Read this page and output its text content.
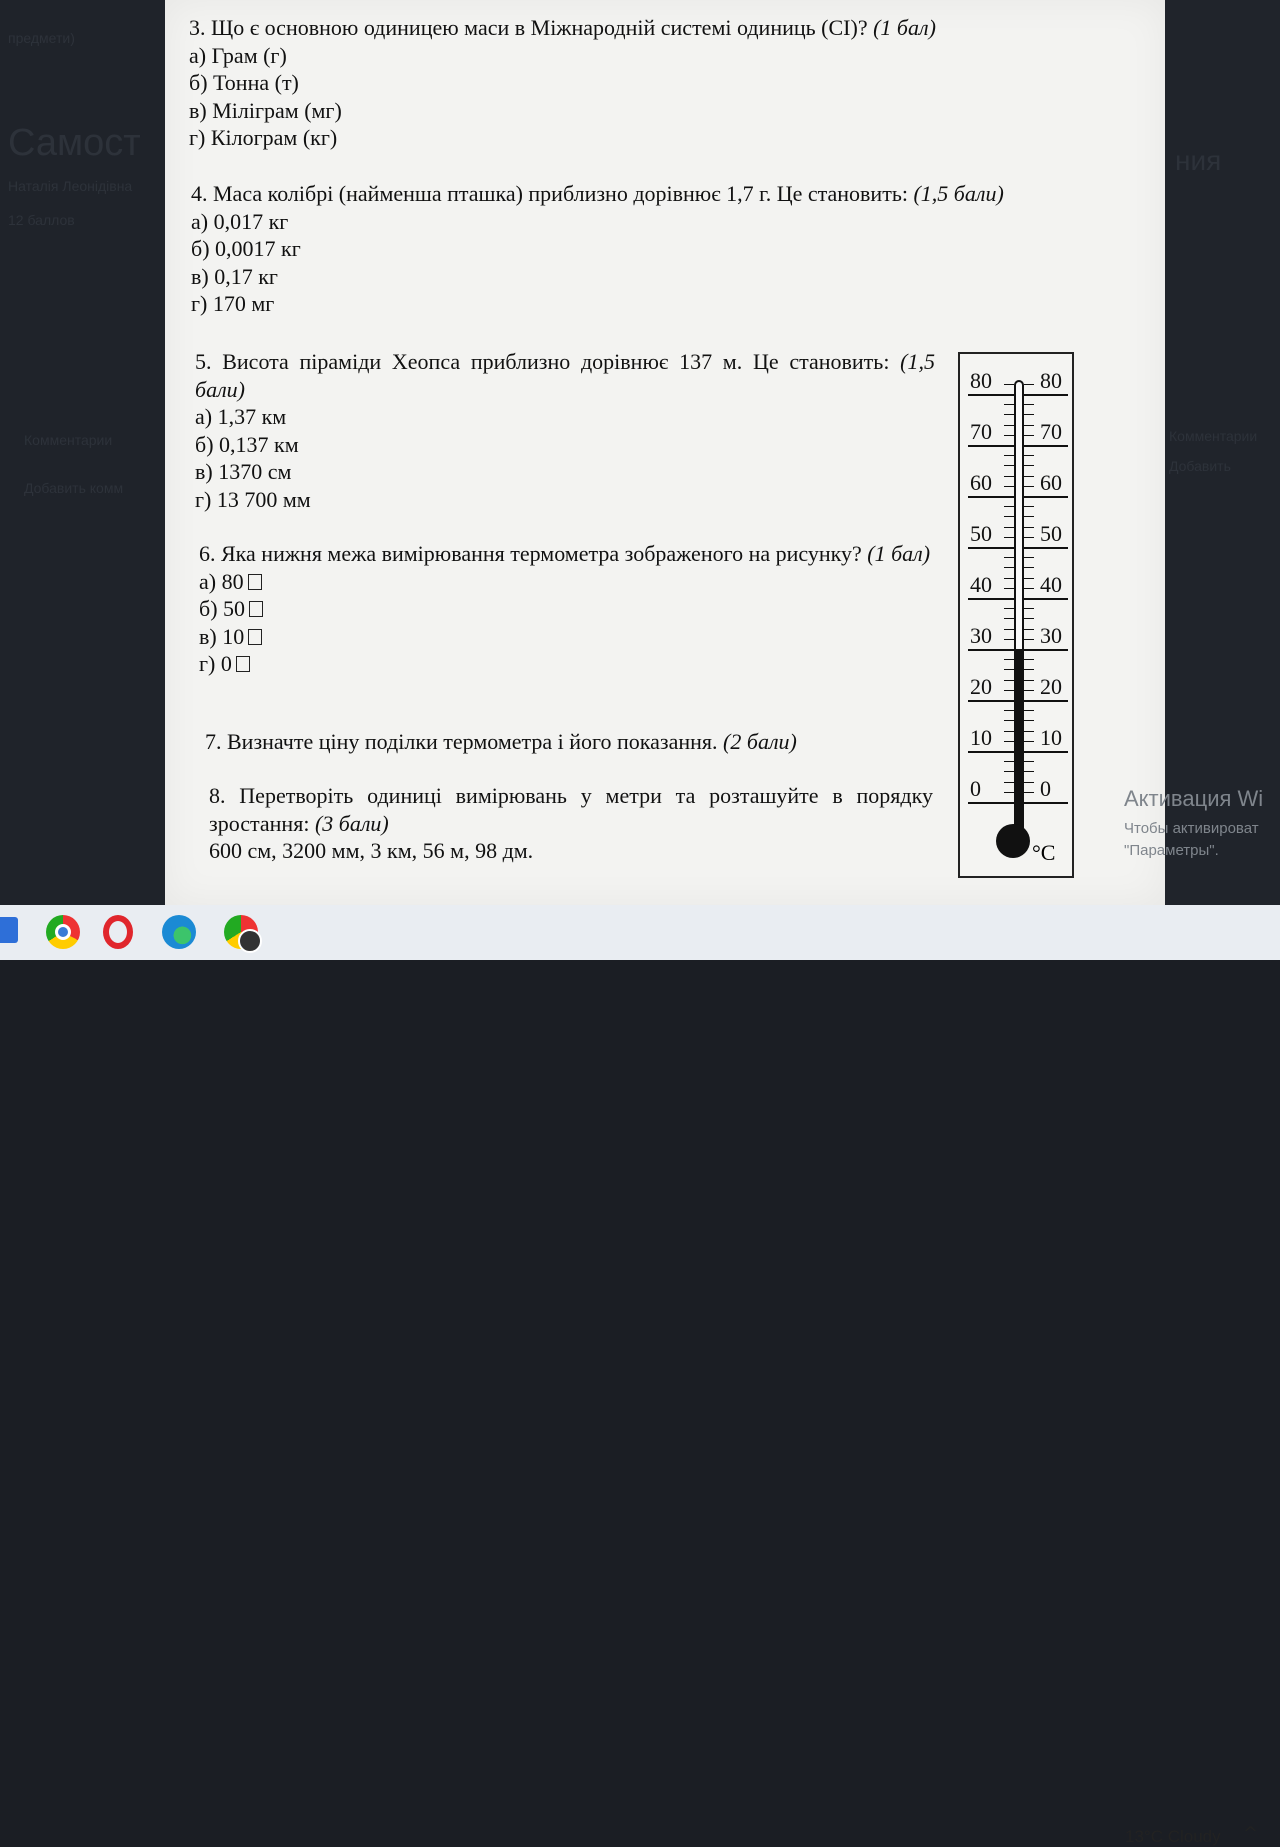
предмети)
Самост
Наталія Леонідівна
12 баллов
Комментарии
Добавить комм
ния
Комментарии
Добавить
3. Що є основною одиницею маси в Міжнародній системі одиниць (СІ)? (1 бал)
а) Грам (г)
б) Тонна (т)
в) Міліграм (мг)
г) Кілограм (кг)
4. Маса колібрі (найменша пташка) приблизно дорівнює 1,7 г. Це становить: (1,5 бали)
а) 0,017 кг
б) 0,0017 кг
в) 0,17 кг
г) 170 мг
5. Висота піраміди Хеопса приблизно дорівнює 137 м. Це становить: (1,5 бали)
а) 1,37 км
б) 0,137 км
в) 1370 см
г) 13 700 мм
6. Яка нижня межа вимірювання термометра зображеного на рисунку? (1 бал)
а) 80
б) 50
в) 10
г) 0
7. Визначте ціну поділки термометра і його показання. (2 бали)
8. Перетворіть одиниці вимірювань у метри та розташуйте в порядку зростання: (3 бали)
600 см, 3200 мм, 3 км, 56 м, 98 дм.	°C
80 80
70 70
60 60
50 50
40 40
30 30
20 20
10 10
0	0	Активация Wi
Чтобы активироват
"Параметры".
13°C Cloudy ^
